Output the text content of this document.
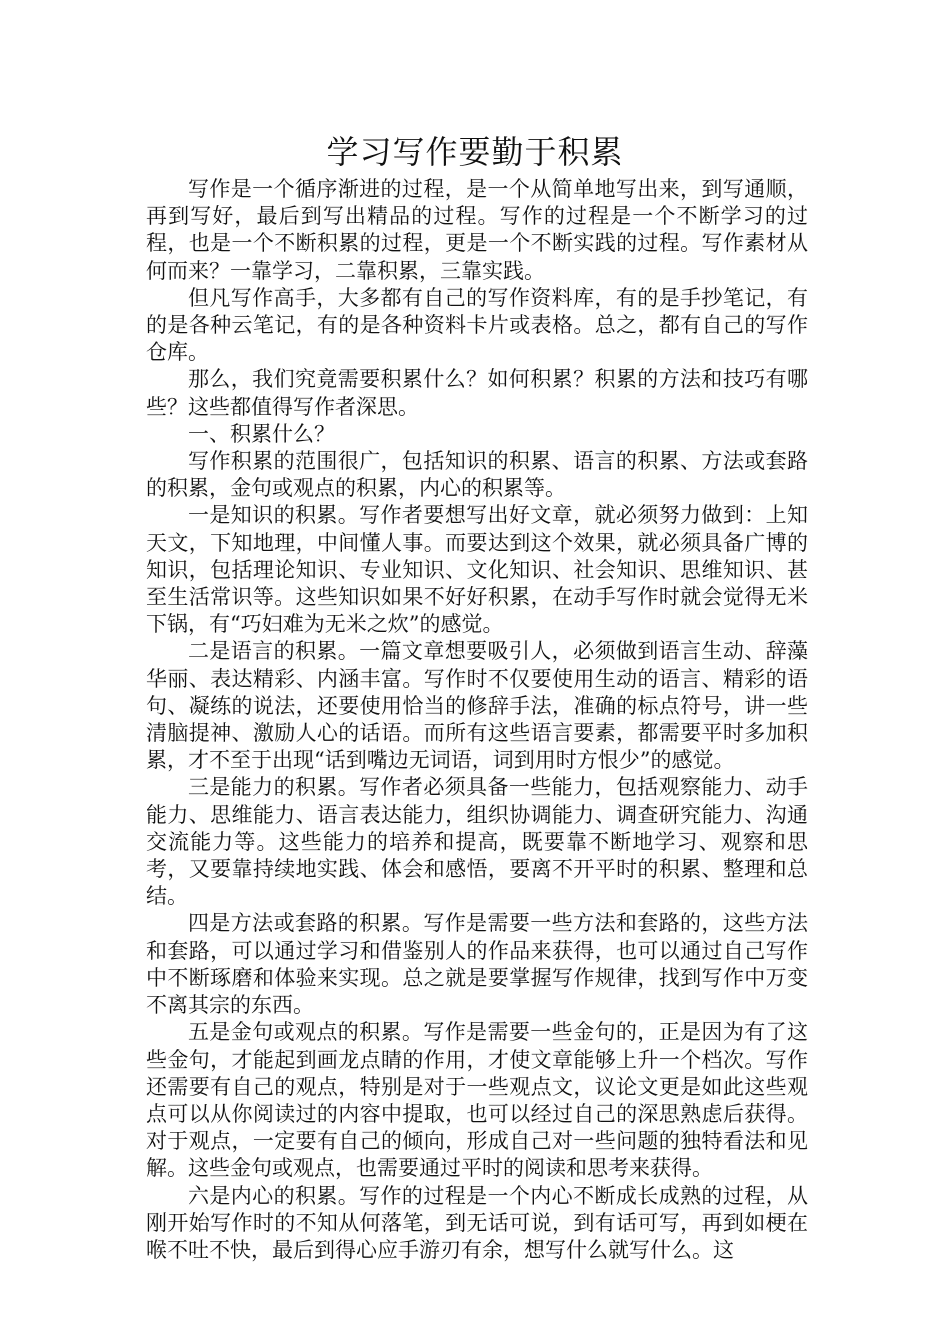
学习写作要勤于积累

写作是一个循序渐进的过程，是一个从简单地写出来，到写通顺，再到写好，最后到写出精品的过程。写作的过程是一个不断学习的过程，也是一个不断积累的过程，更是一个不断实践的过程。写作素材从何而来？一靠学习，二靠积累，三靠实践。

但凡写作高手，大多都有自己的写作资料库，有的是手抄笔记，有的是各种云笔记，有的是各种资料卡片或表格。总之，都有自己的写作仓库。

那么，我们究竟需要积累什么？如何积累？积累的方法和技巧有哪些？这些都值得写作者深思。

一、积累什么？

写作积累的范围很广，包括知识的积累、语言的积累、方法或套路的积累，金句或观点的积累，内心的积累等。

一是知识的积累。写作者要想写出好文章，就必须努力做到：上知天文，下知地理，中间懂人事。而要达到这个效果，就必须具备广博的知识，包括理论知识、专业知识、文化知识、社会知识、思维知识、甚至生活常识等。这些知识如果不好好积累，在动手写作时就会觉得无米下锅，有“巧妇难为无米之炊”的感觉。

二是语言的积累。一篇文章想要吸引人，必须做到语言生动、辞藻华丽、表达精彩、内涵丰富。写作时不仅要使用生动的语言、精彩的语句、凝练的说法，还要使用恰当的修辞手法，准确的标点符号，讲一些清脑提神、激励人心的话语。而所有这些语言要素，都需要平时多加积累，才不至于出现“话到嘴边无词语，词到用时方恨少”的感觉。

三是能力的积累。写作者必须具备一些能力，包括观察能力、动手能力、思维能力、语言表达能力，组织协调能力、调查研究能力、沟通交流能力等。这些能力的培养和提高，既要靠不断地学习、观察和思考，又要靠持续地实践、体会和感悟，要离不开平时的积累、整理和总结。

四是方法或套路的积累。写作是需要一些方法和套路的，这些方法和套路，可以通过学习和借鉴别人的作品来获得，也可以通过自己写作中不断琢磨和体验来实现。总之就是要掌握写作规律，找到写作中万变不离其宗的东西。

五是金句或观点的积累。写作是需要一些金句的，正是因为有了这些金句，才能起到画龙点睛的作用，才使文章能够上升一个档次。写作还需要有自己的观点，特别是对于一些观点文，议论文更是如此这些观点可以从你阅读过的内容中提取，也可以经过自己的深思熟虑后获得。对于观点，一定要有自己的倾向，形成自己对一些问题的独特看法和见解。这些金句或观点，也需要通过平时的阅读和思考来获得。

六是内心的积累。写作的过程是一个内心不断成长成熟的过程，从刚开始写作时的不知从何落笔，到无话可说，到有话可写，再到如梗在喉不吐不快，最后到得心应手游刃有余，想写什么就写什么。这
